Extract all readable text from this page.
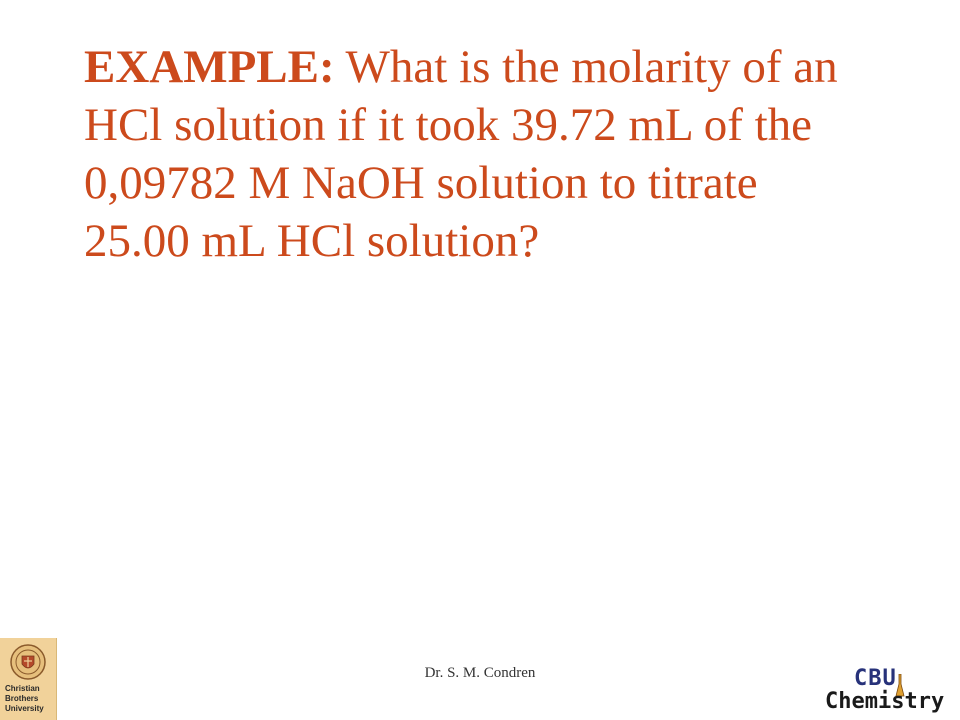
EXAMPLE: What is the molarity of an
HCl solution if it took 39.72 mL of the
0,09782 M NaOH solution to titrate
25.00 mL HCl solution?
Christian
Brothers
University
Dr. S. M. Condren	CBU
Chemistry
